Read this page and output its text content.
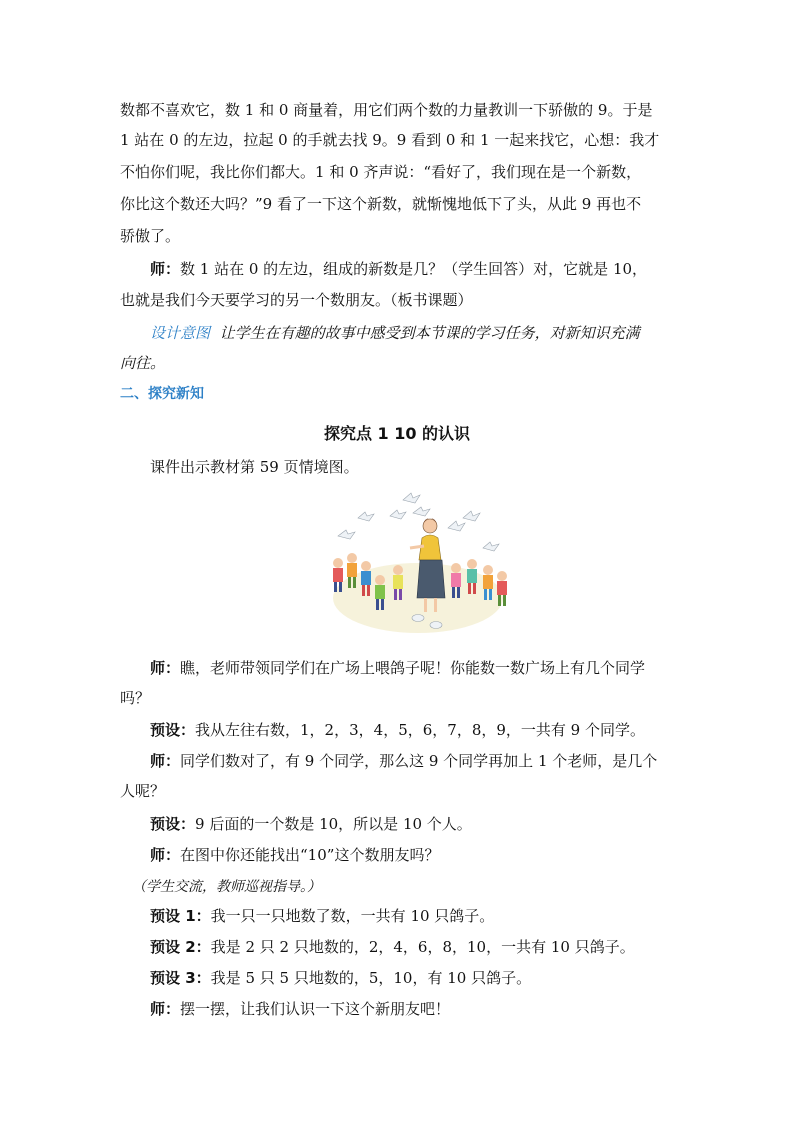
数都不喜欢它，数 1 和 0 商量着，用它们两个数的力量教训一下骄傲的 9。于是
1 站在 0 的左边，拉起 0 的手就去找 9。9 看到 0 和 1 一起来找它，心想：我才
不怕你们呢，我比你们都大。1 和 0 齐声说：“看好了，我们现在是一个新数，
你比这个数还大吗？”9 看了一下这个新数，就惭愧地低下了头，从此 9 再也不
骄傲了。
师：数 1 站在 0 的左边，组成的新数是几？（学生回答）对，它就是 10，
也就是我们今天要学习的另一个数朋友。（板书课题）
设计意图 让学生在有趣的故事中感受到本节课的学习任务，对新知识充满
向往。
二、探究新知
探究点 1 10 的认识
课件出示教材第 59 页情境图。
师：瞧，老师带领同学们在广场上喂鸽子呢！你能数一数广场上有几个同学
吗？
预设：我从左往右数，1，2，3，4，5，6，7，8，9，一共有 9 个同学。
师：同学们数对了，有 9 个同学，那么这 9 个同学再加上 1 个老师，是几个
人呢？
预设：9 后面的一个数是 10，所以是 10 个人。
师：在图中你还能找出“10”这个数朋友吗？
（学生交流，教师巡视指导。）
预设 1：我一只一只地数了数，一共有 10 只鸽子。
预设 2：我是 2 只 2 只地数的，2，4，6，8，10，一共有 10 只鸽子。
预设 3：我是 5 只 5 只地数的，5，10，有 10 只鸽子。
师：摆一摆，让我们认识一下这个新朋友吧！
